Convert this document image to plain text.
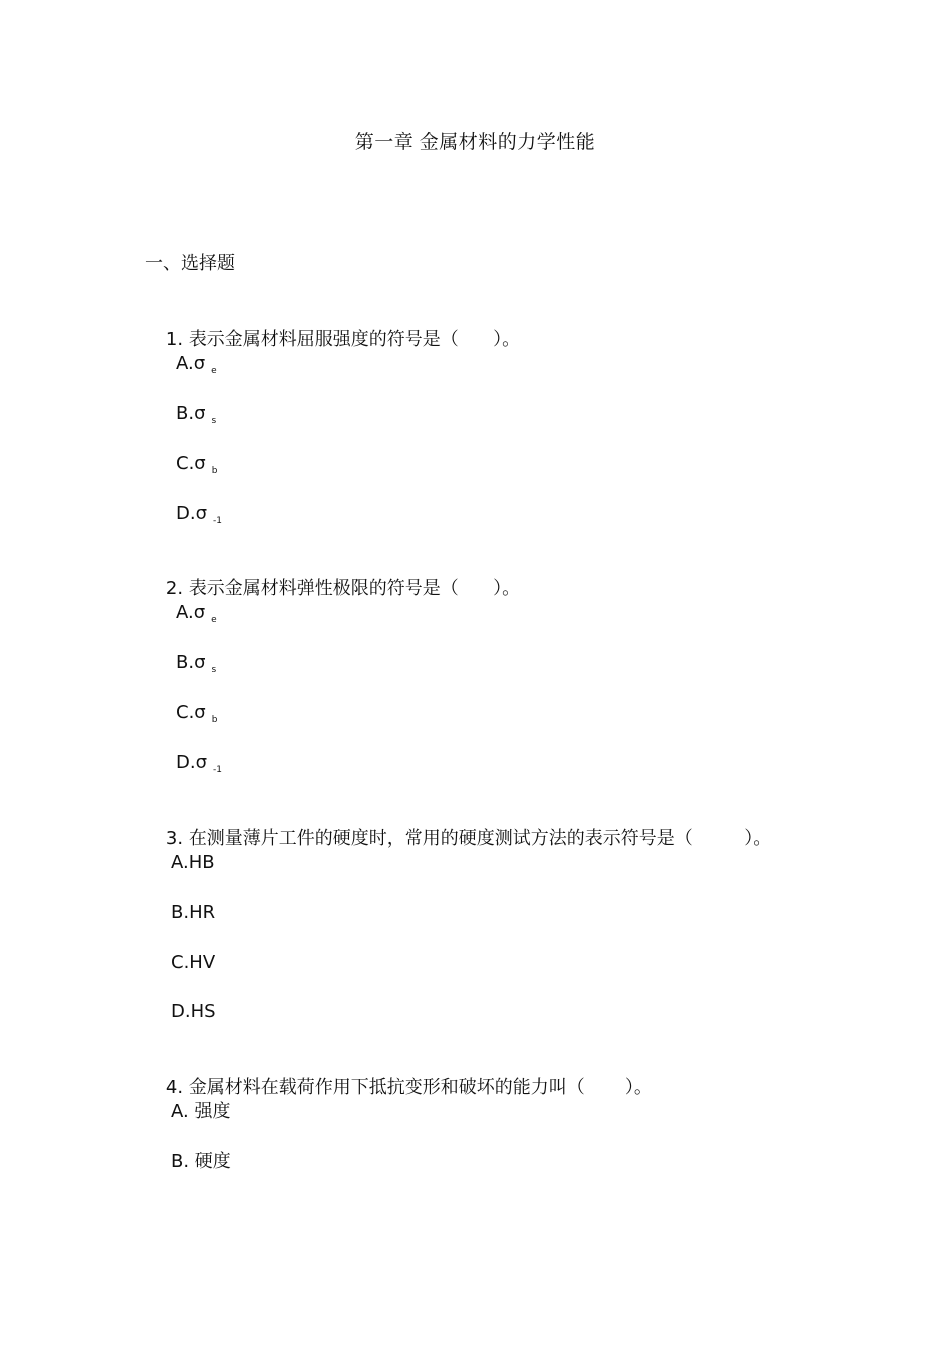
第一章 金属材料的力学性能
一、选择题

1. 表示金属材料屈服强度的符号是（      ）。

A.σ $_e$
B.σ $_s$
C.σ $_b$
D.σ $_{-1}$

2. 表示金属材料弹性极限的符号是（      ）。

A.σ $_e$
B.σ $_s$
C.σ $_b$
D.σ $_{-1}$

3. 在测量薄片工件的硬度时，常用的硬度测试方法的表示符号是（         ）。

A.HB
B.HR
C.HV
D.HS

4. 金属材料在载荷作用下抵抗变形和破坏的能力叫（       ）。

A. 强度
B. 硬度
